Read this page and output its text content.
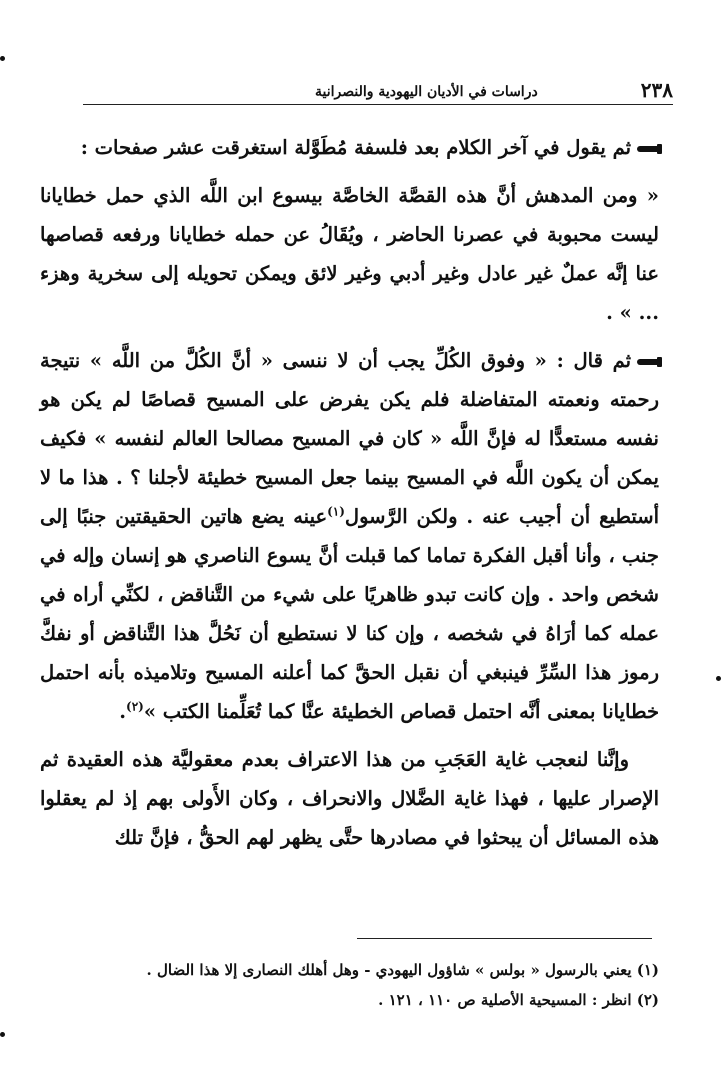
٢٣٨
دراسات في الأديان اليهودية والنصرانية

ثم يقول في آخر الكلام بعد فلسفة مُطَوَّلة استغرقت عشر صفحات :

« ومن المدهش أنَّ هذه القصَّة الخاصَّة بيسوع ابن اللَّه الذي حمل خطايانا ليست محبوبة في عصرنا الحاضر ، ويُقَالُ عن حمله خطايانا ورفعه قصاصها عنا إنَّه عملٌ غير عادل وغير أدبي وغير لائق ويمكن تحويله إلى سخرية وهزء ... » .

ثم قال : « وفوق الكُلِّ يجب أن لا ننسى « أنَّ الكُلَّ من اللَّه » نتيجة رحمته ونعمته المتفاضلة فلم يكن يفرض على المسيح قصاصًا لم يكن هو نفسه مستعدًّا له فإنَّ اللَّه « كان في المسيح مصالحا العالم لنفسه » فكيف يمكن أن يكون اللَّه في المسيح بينما جعل المسيح خطيئة لأجلنا ؟ . هذا ما لا أستطيع أن أجيب عنه . ولكن الرَّسول$^{(١)}$عينه يضع هاتين الحقيقتين جنبًا إلى جنب ، وأنا أقبل الفكرة تماما كما قبلت أنَّ يسوع الناصري هو إنسان وإله في شخص واحد . وإن كانت تبدو ظاهريًا على شيء من التَّناقض ، لكنِّي أراه في عمله كما أرَاهُ في شخصه ، وإن كنا لا نستطيع أن نَحُلَّ هذا التَّناقض أو نفكَّ رموز هذا السِّرِّ فينبغي أن نقبل الحقَّ كما أعلنه المسيح وتلاميذه بأنه احتمل خطايانا بمعنى أنَّه احتمل قصاص الخطيئة عنَّا كما تُعَلِّمنا الكتب »$^{(٢)}$.

وإنَّنا لنعجب غاية العَجَبِ من هذا الاعتراف بعدم معقوليَّة هذه العقيدة ثم الإصرار عليها ، فهذا غاية الضَّلال والانحراف ، وكان الأَولى بهم إذ لم يعقلوا هذه المسائل أن يبحثوا في مصادرها حتَّى يظهر لهم الحقُّ ، فإنَّ تلك

(١) يعني بالرسول « بولس » شاؤول اليهودي - وهل أهلك النصارى إلا هذا الضال .
(٢) انظر : المسيحية الأصلية ص ١١٠ ، ١٢١ .
